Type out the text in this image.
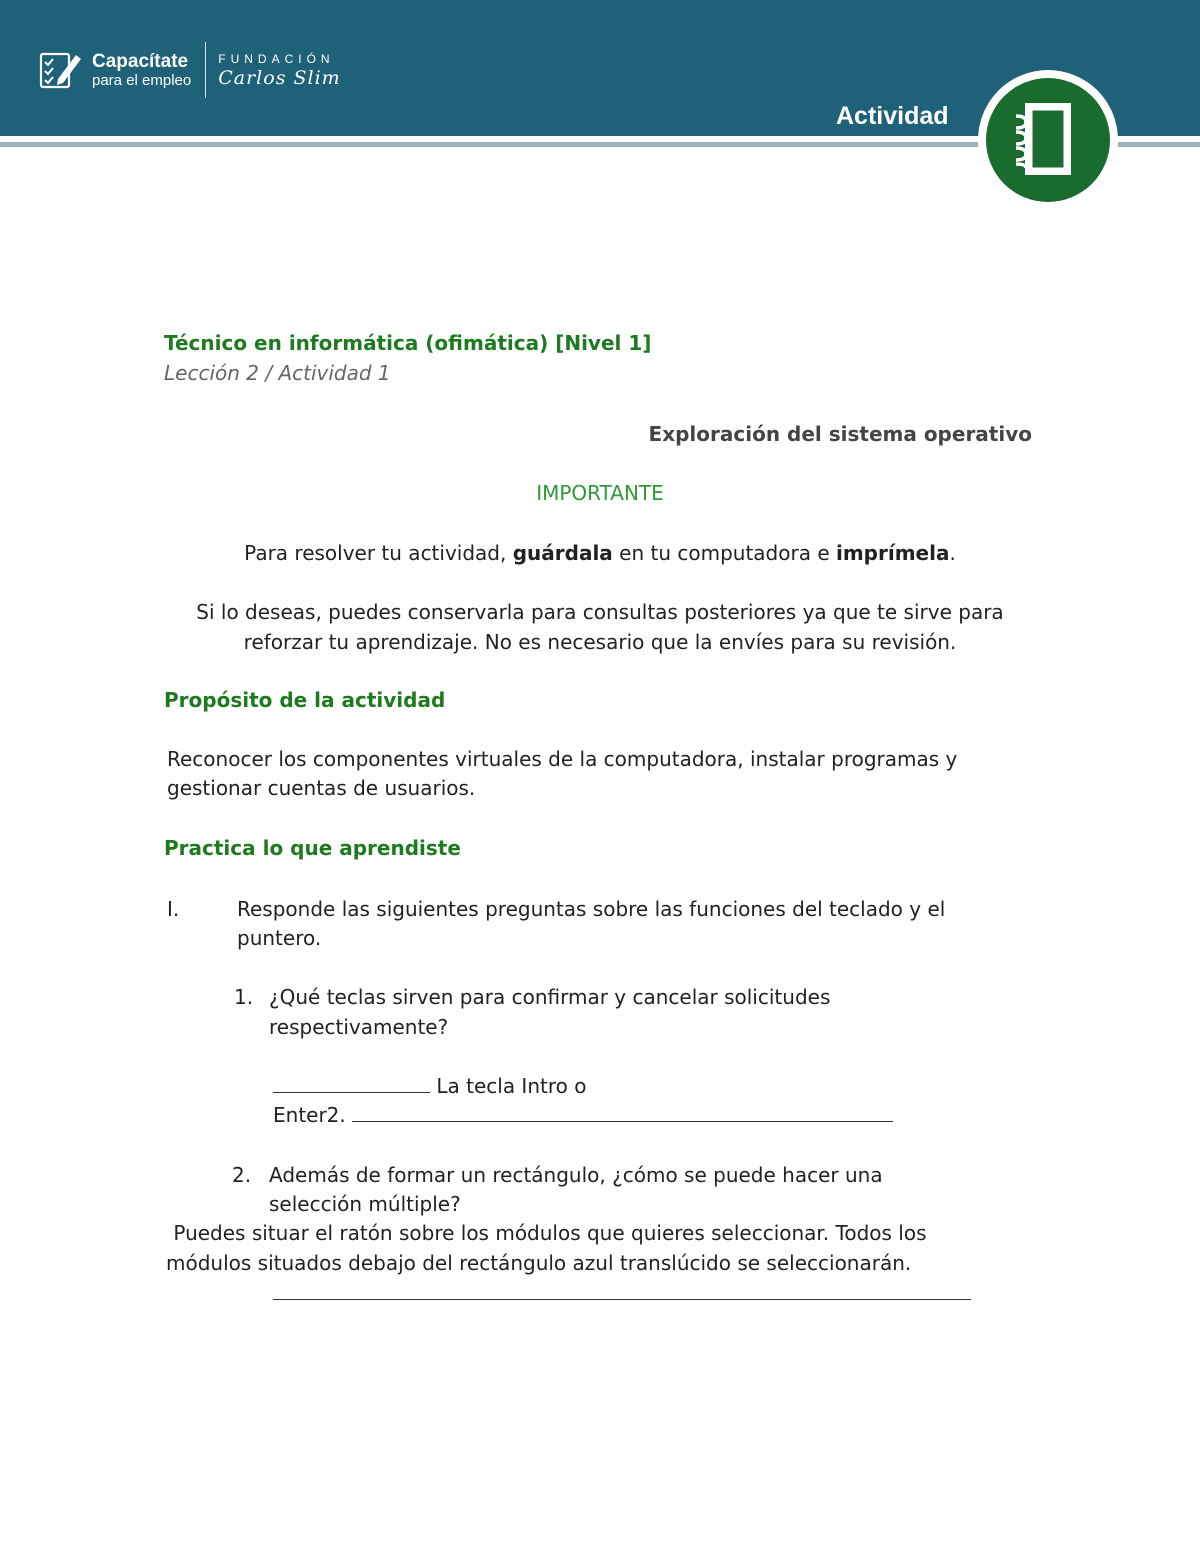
Capacítate
para el empleo
FUNDACIÓN
Carlos Slim
Actividad
Técnico en informática (ofimática) [Nivel 1]
Lección 2 / Actividad 1
Exploración del sistema operativo
IMPORTANTE
Para resolver tu actividad, guárdala en tu computadora e imprímela.
Si lo deseas, puedes conservarla para consultas posteriores ya que te sirve para
reforzar tu aprendizaje. No es necesario que la envíes para su revisión.
Propósito de la actividad
Reconocer los componentes virtuales de la computadora, instalar programas y
gestionar cuentas de usuarios.
Practica lo que aprendiste
I.	Responde las siguientes preguntas sobre las funciones del teclado y el
puntero.
1. ¿Qué teclas sirven para confirmar y cancelar solicitudes
respectivamente?
La tecla Intro o
Enter2.
2. Además de formar un rectángulo, ¿cómo se puede hacer una
selección múltiple?
Puedes situar el ratón sobre los módulos que quieres seleccionar. Todos los
módulos situados debajo del rectángulo azul translúcido se seleccionarán.
